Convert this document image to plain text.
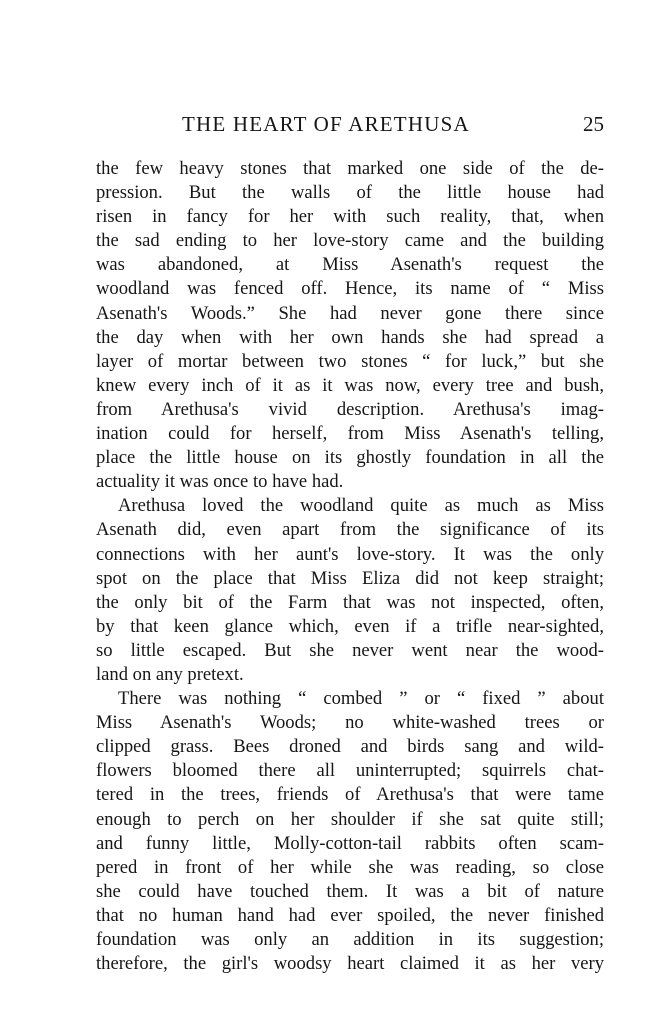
THE HEART OF ARETHUSA	25
the few heavy stones that marked one side of the de-
pression. But the walls of the little house had
risen in fancy for her with such reality, that, when
the sad ending to her love-story came and the building
was abandoned, at Miss Asenath's request the
woodland was fenced off. Hence, its name of “ Miss
Asenath's Woods.” She had never gone there since
the day when with her own hands she had spread a
layer of mortar between two stones “ for luck,” but she
knew every inch of it as it was now, every tree and bush,
from Arethusa's vivid description. Arethusa's imag-
ination could for herself, from Miss Asenath's telling,
place the little house on its ghostly foundation in all the
actuality it was once to have had.
Arethusa loved the woodland quite as much as Miss
Asenath did, even apart from the significance of its
connections with her aunt's love-story. It was the only
spot on the place that Miss Eliza did not keep straight;
the only bit of the Farm that was not inspected, often,
by that keen glance which, even if a trifle near-sighted,
so little escaped. But she never went near the wood-
land on any pretext.
There was nothing “ combed ” or “ fixed ” about
Miss Asenath's Woods; no white-washed trees or
clipped grass. Bees droned and birds sang and wild-
flowers bloomed there all uninterrupted; squirrels chat-
tered in the trees, friends of Arethusa's that were tame
enough to perch on her shoulder if she sat quite still;
and funny little, Molly-cotton-tail rabbits often scam-
pered in front of her while she was reading, so close
she could have touched them. It was a bit of nature
that no human hand had ever spoiled, the never finished
foundation was only an addition in its suggestion;
therefore, the girl's woodsy heart claimed it as her very
